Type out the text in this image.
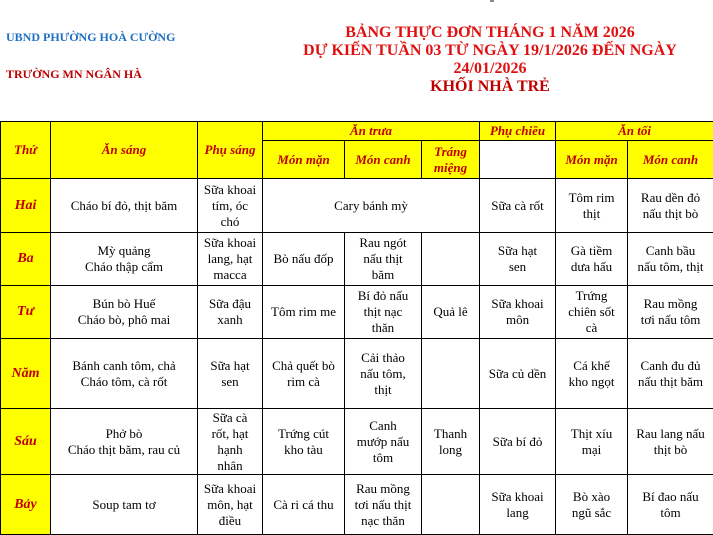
UBND PHƯỜNG HOÀ CƯỜNG
TRƯỜNG MN NGÂN HÀ
BẢNG THỰC ĐƠN THÁNG 1 NĂM 2026
DỰ KIẾN TUẦN 03 TỪ NGÀY 19/1/2026 ĐẾN NGÀY
24/01/2026
KHỐI NHÀ TRẺ
Thứ	Ăn sáng	Phụ sáng	Ăn trưa			Phụ chiều	Ăn tối	
			Món mặn	Món canh	Tráng miệng		Món mặn	Món canh
Hai	Cháo bí đỏ, thịt băm	Sữa khoai
tím, óc
chó	Cary bánh mỳ			Sữa cà rốt	Tôm rim
thịt	Rau dền đỏ
nấu thịt bò

Ba	Mỳ quảng
Cháo thập cẩm	Sữa khoai
lang, hạt
macca	Bò nấu đốp	Rau ngót
nấu thịt
băm		Sữa hạt
sen	Gà tiềm
dưa hấu	Canh bầu
nấu tôm, thịt

Tư	Bún bò Huế
Cháo bò, phô mai	Sữa đậu
xanh	Tôm rim me	Bí đỏ nấu
thịt nạc
thăn	Quả lê	Sữa khoai
môn	Trứng
chiên sốt
cà	Rau mồng
tơi nấu tôm

Năm	Bánh canh tôm, chả
Cháo tôm, cà rốt	Sữa hạt
sen	Chả quết bò
rim cà	Cải thảo
nấu tôm,
thịt		Sữa củ dền	Cá khế
kho ngọt	Canh đu đủ
nấu thịt băm

Sáu	Phở bò
Cháo thịt băm, rau củ	Sữa cà
rốt, hạt
hạnh
nhân	Trứng cút
kho tàu	Canh
mướp nấu
tôm	Thanh
long	Sữa bí đỏ	Thịt xíu
mại	Rau lang nấu
thịt bò

Bảy	Soup tam tơ	Sữa khoai
môn, hạt
điều	Cà ri cá thu	Rau mồng
tơi nấu thịt
nạc thăn		Sữa khoai
lang	Bò xào
ngũ sắc	Bí đao nấu
tôm
